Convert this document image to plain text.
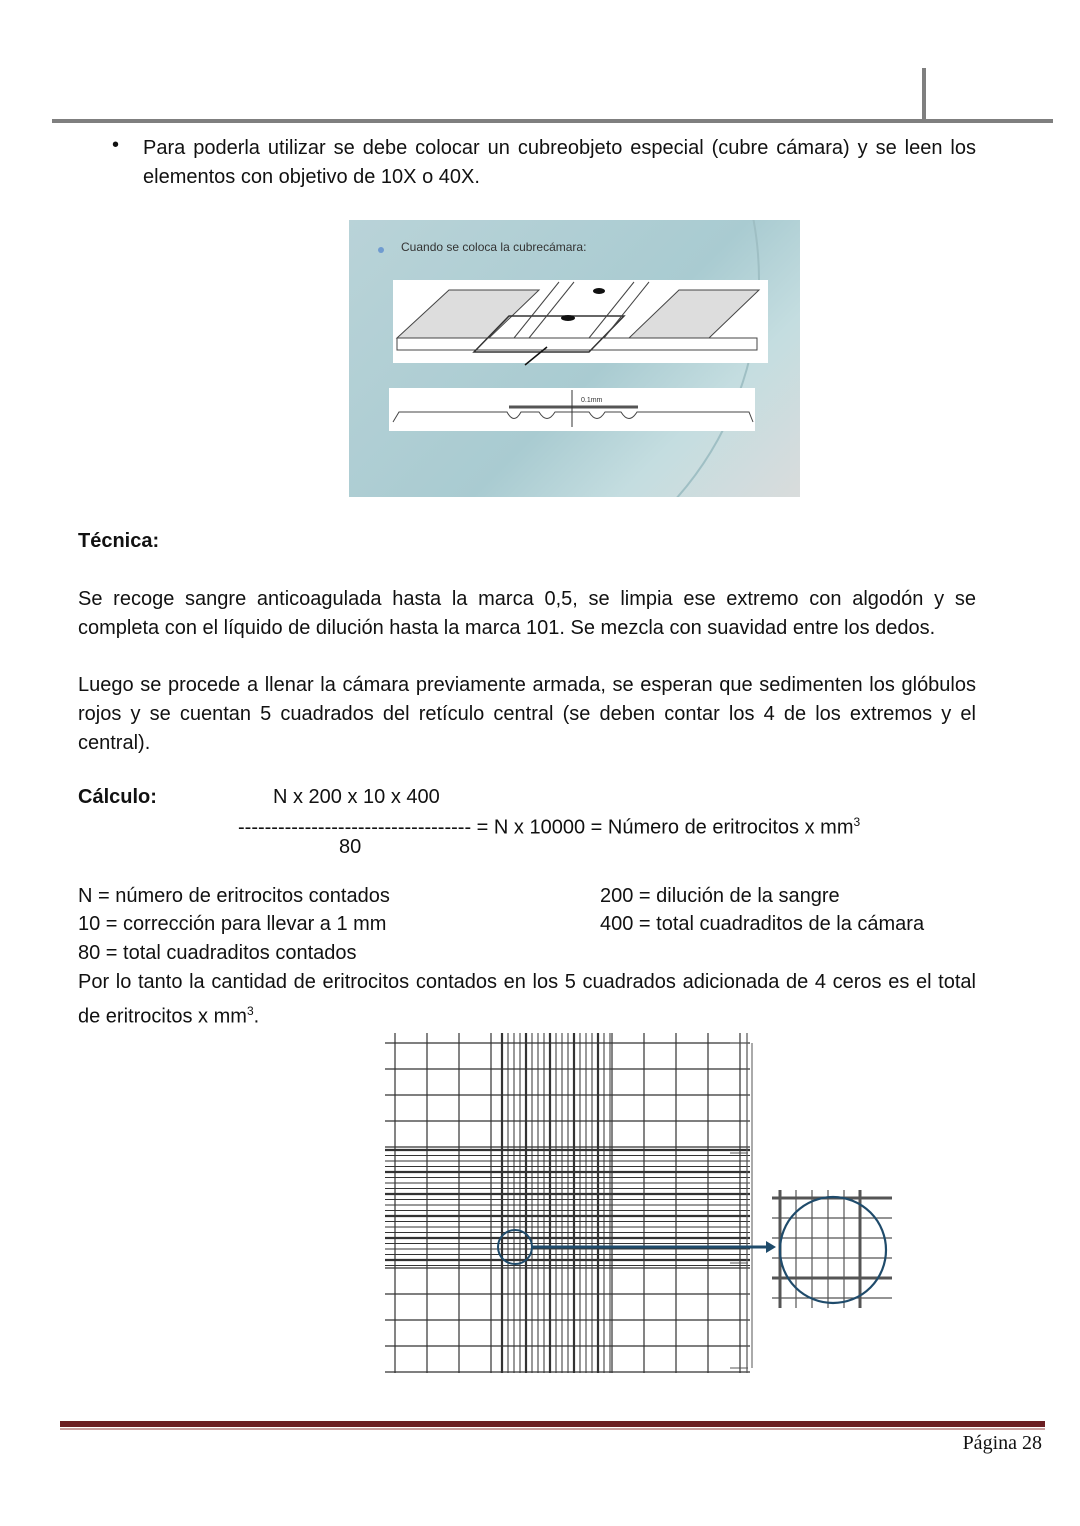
• Para poderla utilizar se debe colocar un cubreobjeto especial (cubre cámara) y se leen los elementos con objetivo de 10X o 40X.
0.1mm
Cuando se coloca la cubrecámara:
Técnica:
Se recoge sangre anticoagulada hasta la marca 0,5, se limpia ese extremo con algodón y se completa con el líquido de dilución hasta la marca 101. Se mezcla con suavidad entre los dedos.
Luego se procede a llenar la cámara previamente armada, se esperan que sedimenten los glóbulos rojos y se cuentan 5 cuadrados del retículo central (se deben contar los 4 de los extremos y el central).
Cálculo:	N x 200 x 10 x 400
----------------------------------- = N x 10000 = Número de eritrocitos x $mm^3$
80
N = número de eritrocitos contados	200 = dilución de la sangre
10 = corrección para llevar a 1 mm	400 = total cuadraditos de la cámara
80 = total cuadraditos contados
Por lo tanto la cantidad de eritrocitos contados en los 5 cuadrados adicionada de 4 ceros es el total de eritrocitos x $mm^3$.
Página 28
